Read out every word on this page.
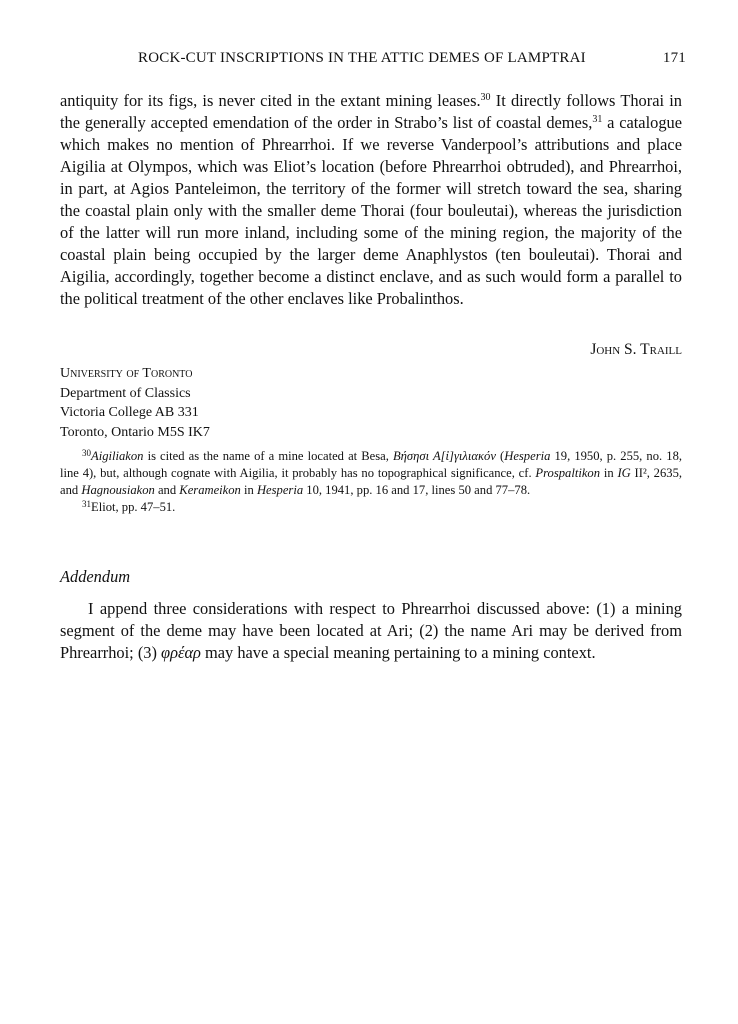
ROCK-CUT INSCRIPTIONS IN THE ATTIC DEMES OF LAMPTRAI	171

antiquity for its figs, is never cited in the extant mining leases.$^{30}$ It directly follows Thorai in the generally accepted emendation of the order in Strabo’s list of coastal demes,$^{31}$ a catalogue which makes no mention of Phrearrhoi. If we reverse Vanderpool’s attributions and place Aigilia at Olympos, which was Eliot’s location (before Phrearrhoi obtruded), and Phrearrhoi, in part, at Agios Panteleimon, the territory of the former will stretch toward the sea, sharing the coastal plain only with the smaller deme Thorai (four bouleutai), whereas the jurisdiction of the latter will run more inland, including some of the mining region, the majority of the coastal plain being occupied by the larger deme Anaphlystos (ten bouleutai). Thorai and Aigilia, accordingly, together become a distinct enclave, and as such would form a parallel to the political treatment of the other enclaves like Probalinthos.

John S. Traill
University of Toronto
Department of Classics
Victoria College AB 331
Toronto, Ontario M5S IK7

$^{30}$Aigiliakon is cited as the name of a mine located at Besa, Βήσησι Α[ἰ]γιλιακόν (Hesperia 19, 1950, p. 255, no. 18, line 4), but, although cognate with Aigilia, it probably has no topographical significance, cf. Prospaltikon in IG II², 2635, and Hagnousiakon and Kerameikon in Hesperia 10, 1941, pp. 16 and 17, lines 50 and 77–78.

$^{31}$Eliot, pp. 47–51.

Addendum

I append three considerations with respect to Phrearrhoi discussed above: (1) a mining segment of the deme may have been located at Ari; (2) the name Ari may be derived from Phrearrhoi; (3) φρέαρ may have a special meaning pertaining to a mining context.
